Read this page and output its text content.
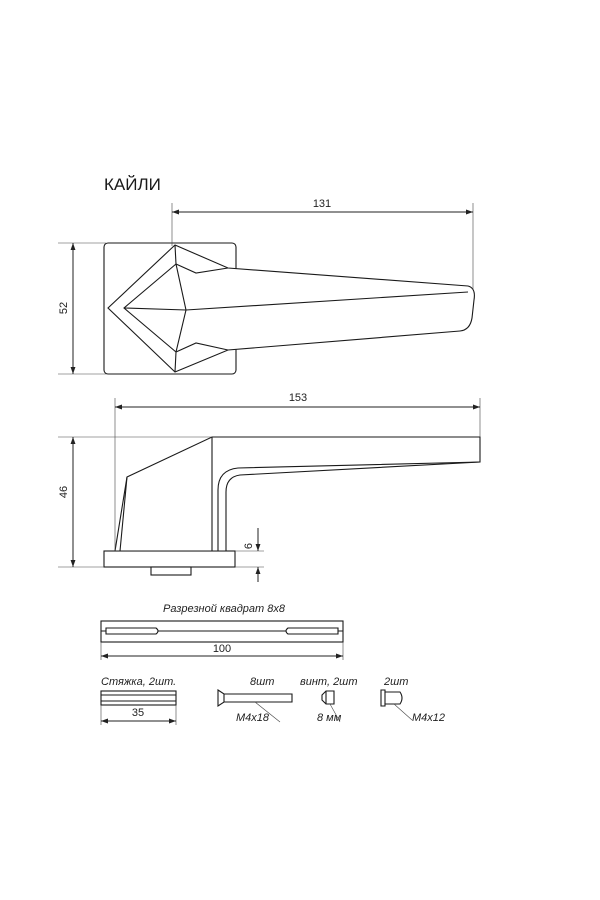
КАЙЛИ
131
52
153
46
6
Разрезной квадрат 8х8
100
Стяжка, 2шт.
35
8шт
М4х18
винт, 2шт
8 мм
2шт
М4х12
